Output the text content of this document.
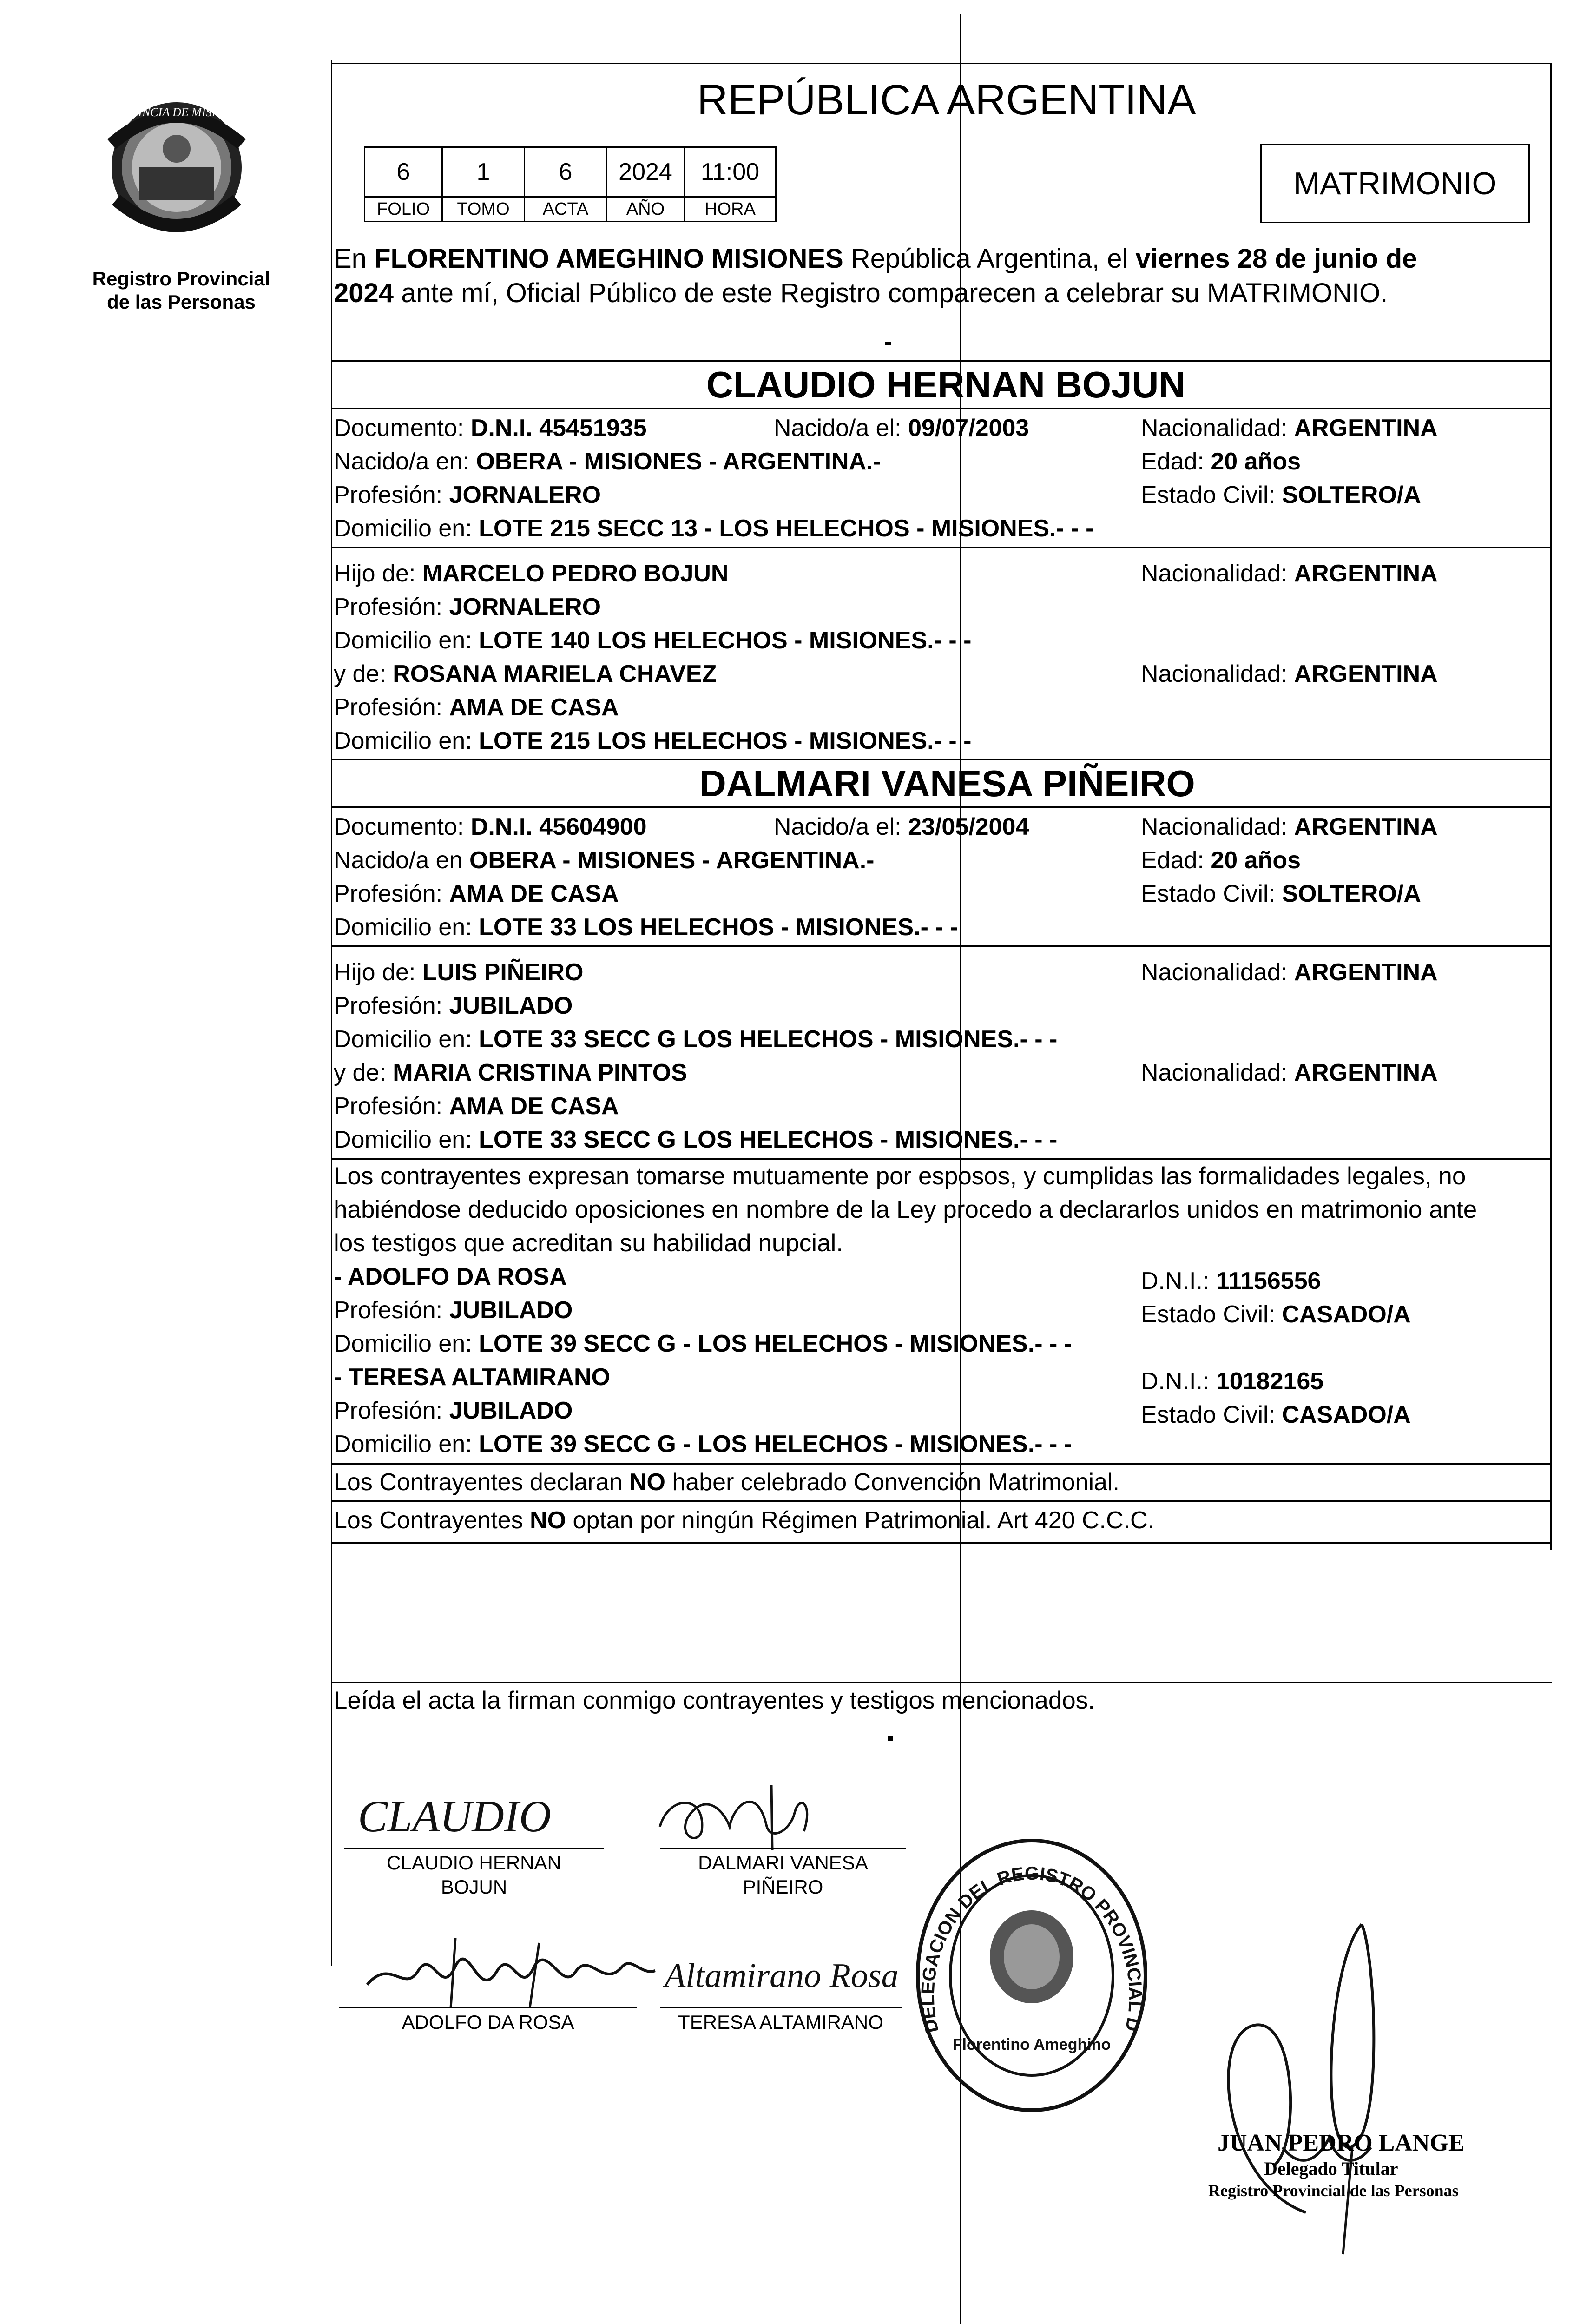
PROVINCIA DE MISIONES
Registro Provincial
de las Personas
REPÚBLICA ARGENTINA
MATRIMONIO
6	1	6	2024	11:00
FOLIO	TOMO	ACTA	AÑO	HORA
En FLORENTINO AMEGHINO MISIONES República Argentina, el viernes 28 de junio de
2024 ante mí, Oficial Público de este Registro comparecen a celebrar su MATRIMONIO.
CLAUDIO HERNAN BOJUN
Documento: D.N.I. 45451935	Nacido/a el: 09/07/2003	Nacionalidad: ARGENTINA
Nacido/a en: OBERA - MISIONES - ARGENTINA.-	Edad: 20 años
Profesión: JORNALERO	Estado Civil: SOLTERO/A
Domicilio en: LOTE 215 SECC 13 - LOS HELECHOS - MISIONES.- - -
Hijo de: MARCELO PEDRO BOJUN	Nacionalidad: ARGENTINA
Profesión: JORNALERO
Domicilio en: LOTE 140 LOS HELECHOS - MISIONES.- - -
y de: ROSANA MARIELA CHAVEZ	Nacionalidad: ARGENTINA
Profesión: AMA DE CASA
Domicilio en: LOTE 215 LOS HELECHOS - MISIONES.- - -
DALMARI VANESA PIÑEIRO
Documento: D.N.I. 45604900	Nacido/a el: 23/05/2004	Nacionalidad: ARGENTINA
Nacido/a en OBERA - MISIONES - ARGENTINA.-	Edad: 20 años
Profesión: AMA DE CASA	Estado Civil: SOLTERO/A
Domicilio en: LOTE 33 LOS HELECHOS - MISIONES.- - -
Hijo de: LUIS PIÑEIRO	Nacionalidad: ARGENTINA
Profesión: JUBILADO
Domicilio en: LOTE 33 SECC G LOS HELECHOS - MISIONES.- - -
y de: MARIA CRISTINA PINTOS	Nacionalidad: ARGENTINA
Profesión: AMA DE CASA
Domicilio en: LOTE 33 SECC G LOS HELECHOS - MISIONES.- - -
Los contrayentes expresan tomarse mutuamente por esposos, y cumplidas las formalidades legales, no
habiéndose deducido oposiciones en nombre de la Ley procedo a declararlos unidos en matrimonio ante
los testigos que acreditan su habilidad nupcial.
- ADOLFO DA ROSA	D.N.I.: 11156556
Profesión: JUBILADO	Estado Civil: CASADO/A
Domicilio en: LOTE 39 SECC G - LOS HELECHOS - MISIONES.- - -
- TERESA ALTAMIRANO	D.N.I.: 10182165
Profesión: JUBILADO	Estado Civil: CASADO/A
Domicilio en: LOTE 39 SECC G - LOS HELECHOS - MISIONES.- - -
Los Contrayentes declaran NO haber celebrado Convención Matrimonial.
Los Contrayentes NO optan por ningún Régimen Patrimonial. Art 420 C.C.C.
Leída el acta la firman conmigo contrayentes y testigos mencionados.
CLAUDIO
CLAUDIO HERNAN
BOJUN
DALMARI VANESA
PIÑEIRO
ADOLFO DA ROSA
Altamirano Rosa
TERESA ALTAMIRANO	DELEGACION DEL REGISTRO PROVINCIAL D
Florentino Ameghino
JUAN PEDRO LANGE
Delegado Titular
Registro Provincial de las Personas
